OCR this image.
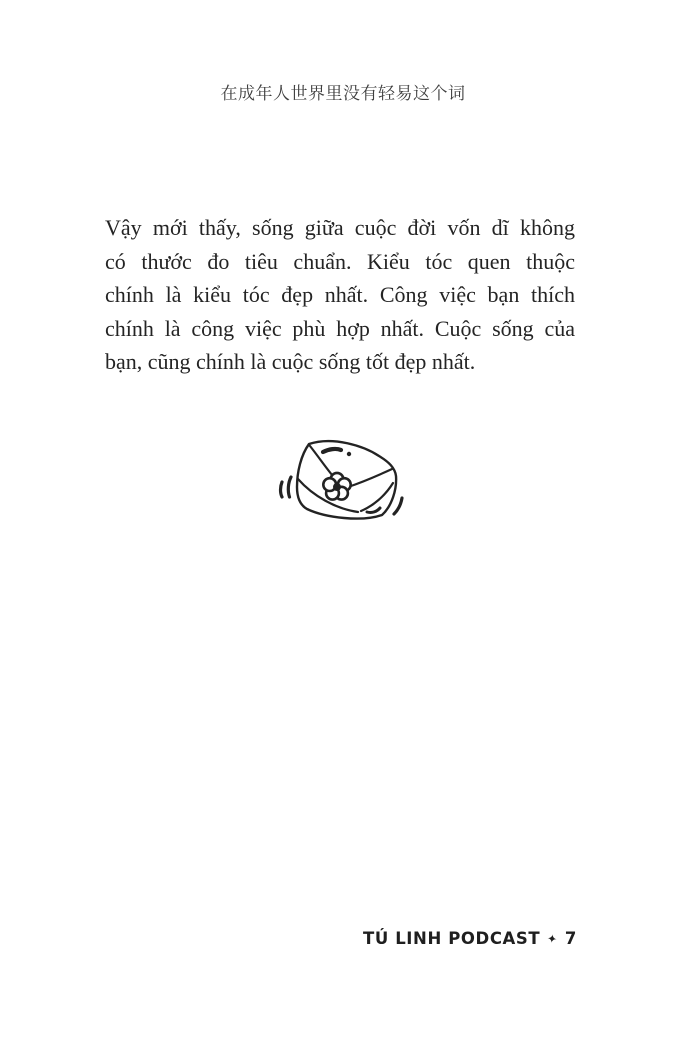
在成年人世界里没有轻易这个词
Vậy mới thấy, sống giữa cuộc đời vốn dĩ không
có thước đo tiêu chuẩn. Kiểu tóc quen thuộc
chính là kiểu tóc đẹp nhất. Công việc bạn thích
chính là công việc phù hợp nhất. Cuộc sống của
bạn, cũng chính là cuộc sống tốt đẹp nhất.
TÚ LINH PODCAST ✦ 7
